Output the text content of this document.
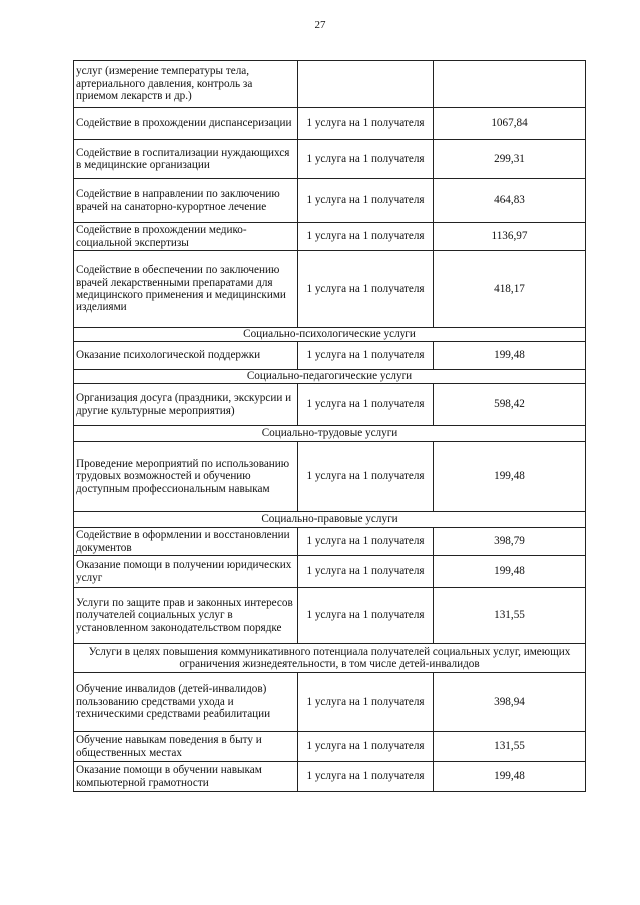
27
услуг (измерение температуры тела, артериального давления, контроль за приемом лекарств и др.)		
Содействие в прохождении диспансеризации	1 услуга на 1 получателя	1067,84
Содействие в госпитализации нуждающихся в медицинские организации	1 услуга на 1 получателя	299,31
Содействие в направлении по заключению врачей на санаторно-курортное лечение	1 услуга на 1 получателя	464,83
Содействие в прохождении медико-социальной экспертизы	1 услуга на 1 получателя	1136,97
Содействие в обеспечении по заключению врачей лекарственными препаратами для медицинского применения и медицинскими изделиями	1 услуга на 1 получателя	418,17
Социально-психологические услуги		
Оказание психологической поддержки	1 услуга на 1 получателя	199,48
Социально-педагогические услуги		
Организация досуга (праздники, экскурсии и другие культурные мероприятия)	1 услуга на 1 получателя	598,42
Социально-трудовые услуги		
Проведение мероприятий по использованию трудовых возможностей и обучению доступным профессиональным навыкам	1 услуга на 1 получателя	199,48
Социально-правовые услуги		
Содействие в оформлении и восстановлении документов	1 услуга на 1 получателя	398,79
Оказание помощи в получении юридических услуг	1 услуга на 1 получателя	199,48
Услуги по защите прав и законных интересов получателей социальных услуг в установленном законодательством порядке	1 услуга на 1 получателя	131,55
Услуги в целях повышения коммуникативного потенциала получателей социальных услуг, имеющих ограничения жизнедеятельности, в том числе детей-инвалидов		
Обучение инвалидов (детей-инвалидов) пользованию средствами ухода и техническими средствами реабилитации	1 услуга на 1 получателя	398,94
Обучение навыкам поведения в быту и общественных местах	1 услуга на 1 получателя	131,55
Оказание помощи в обучении навыкам компьютерной грамотности	1 услуга на 1 получателя	199,48
